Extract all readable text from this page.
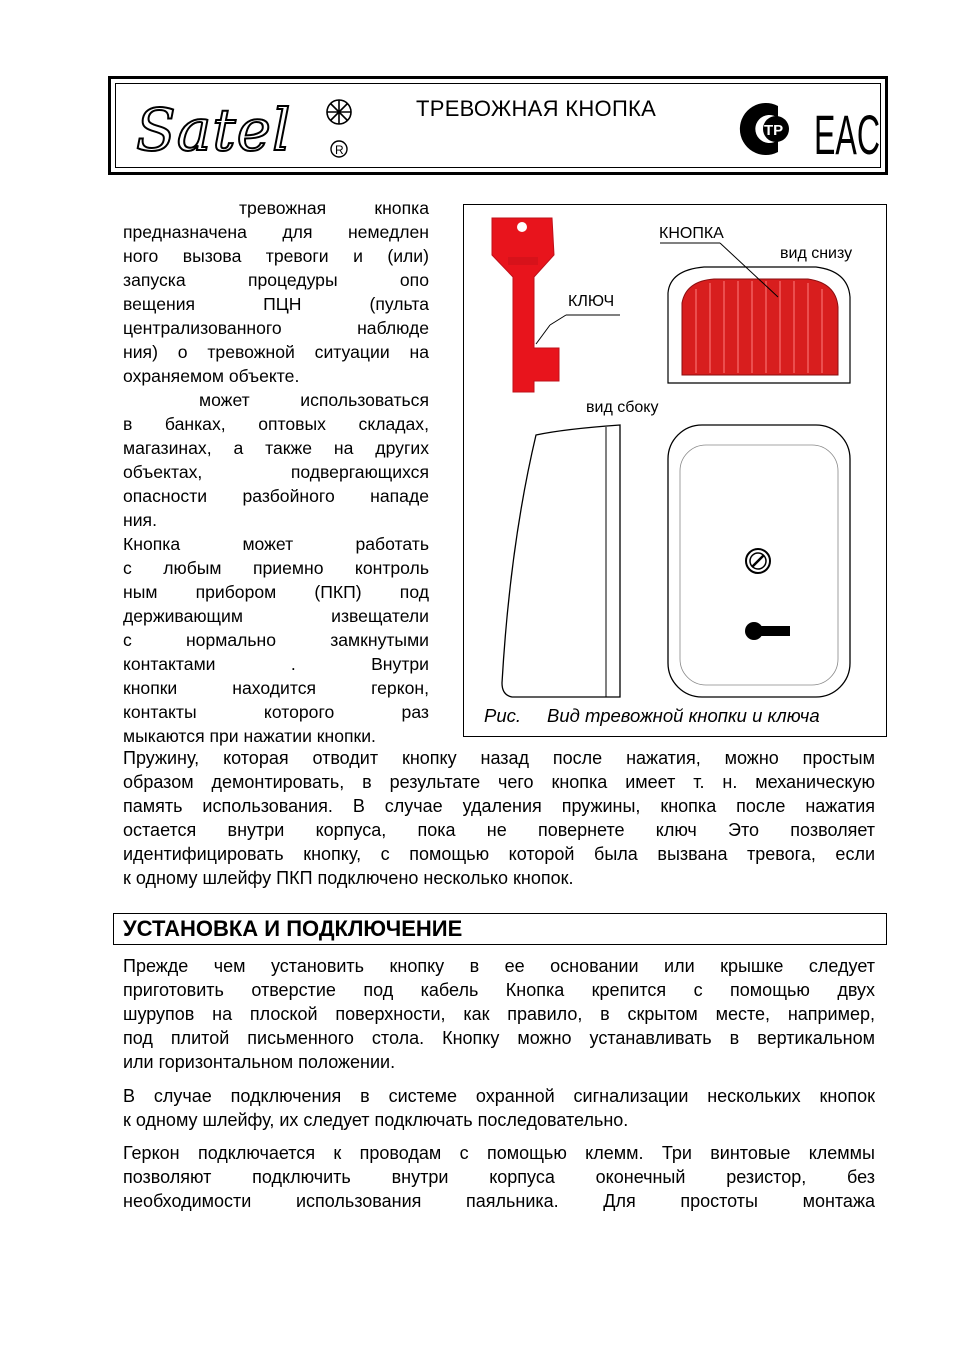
Satel	R
ТРЕВОЖНАЯ КНОПКА
ТР EAC
тревожная кнопка
предназначена для немедлен
ного вызова тревоги и (или)
запуска процедуры опо
вещения ПЦН (пульта
централизованного наблюде
ния) о тревожной ситуации на
охраняемом объекте.
может использоваться
в банках, оптовых складах,
магазинах, а также на других
объектах, подвергающихся
опасности разбойного нападе
ния.
Кнопка может работать
с любым приемно контроль
ным прибором (ПКП) под
держивающим извещатели
с нормально замкнутыми
контактами . Внутри
кнопки находится геркон,
контакты которого раз
мыкаются при нажатии кнопки.
КНОПКА
вид снизу
КЛЮЧ
вид сбоку
Рис. Вид тревожной кнопки и ключа
Пружину, которая отводит кнопку назад после нажатия, можно простым
образом демонтировать, в результате чего кнопка имеет т. н. механическую
память использования. В случае удаления пружины, кнопка после нажатия
остается внутри корпуса, пока не повернете ключ Это позволяет
идентифицировать кнопку, с помощью которой была вызвана тревога, если
к одному шлейфу ПКП подключено несколько кнопок.
УСТАНОВКА И ПОДКЛЮЧЕНИЕ
Прежде чем установить кнопку в ее основании или крышке следует
приготовить отверстие под кабель Кнопка крепится с помощью двух
шурупов на плоской поверхности, как правило, в скрытом месте, например,
под плитой письменного стола. Кнопку можно устанавливать в вертикальном
или горизонтальном положении.
В случае подключения в системе охранной сигнализации нескольких кнопок
к одному шлейфу, их следует подключать последовательно.
Геркон подключается к проводам с помощью клемм. Три винтовые клеммы
позволяют подключить внутри корпуса оконечный резистор, без
необходимости использования паяльника. Для простоты монтажа
